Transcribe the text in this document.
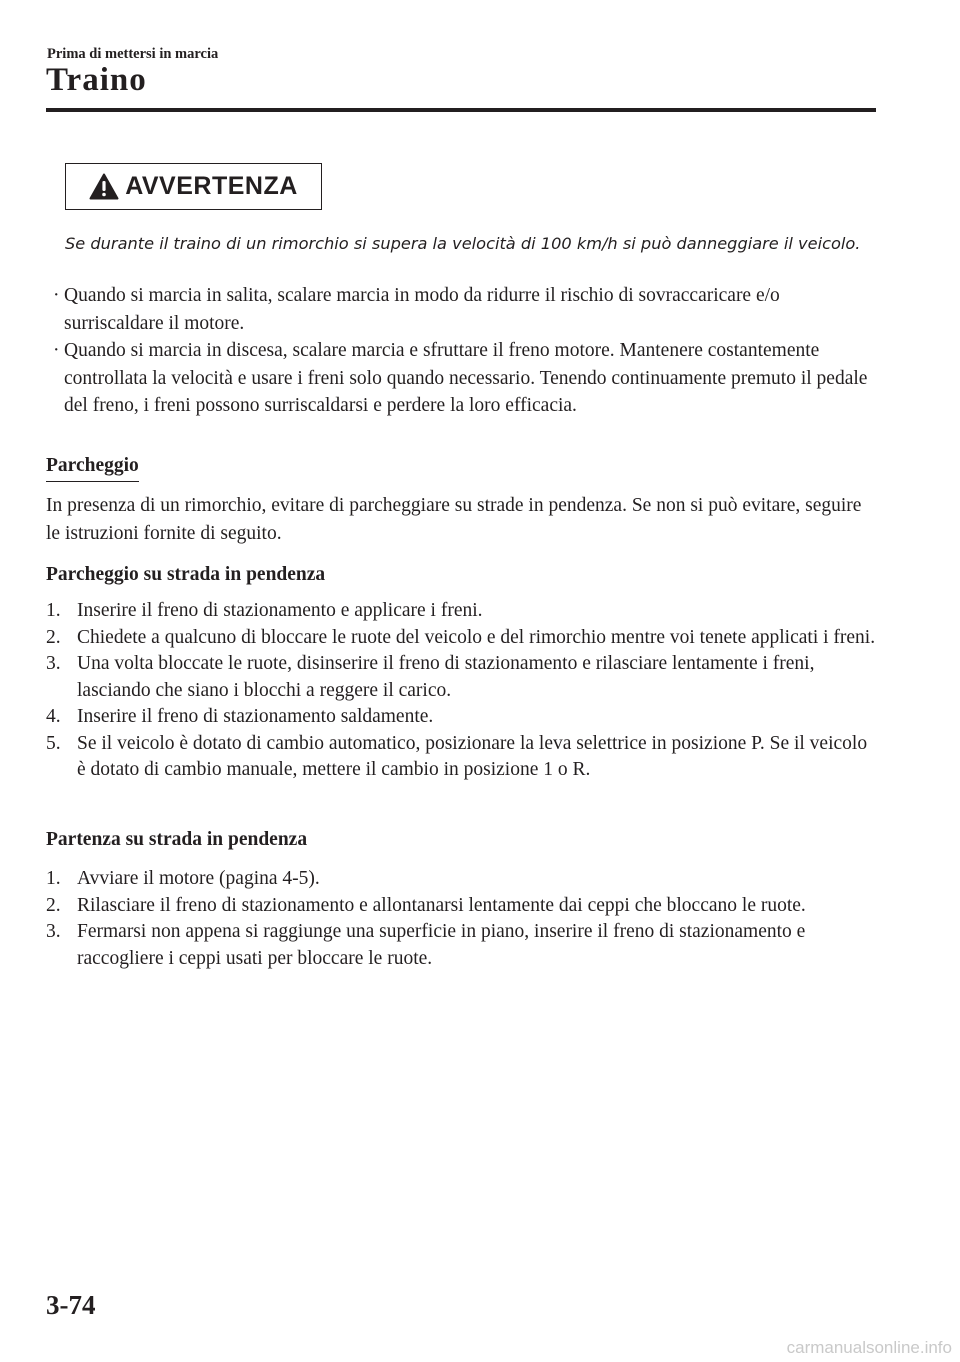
Prima di mettersi in marcia
Traino
AVVERTENZA

Se durante il traino di un rimorchio si supera la velocità di 100 km/h si può danneggiare il veicolo.

· Quando si marcia in salita, scalare marcia in modo da ridurre il rischio di sovraccaricare e/o surriscaldare il motore.
· Quando si marcia in discesa, scalare marcia e sfruttare il freno motore. Mantenere costantemente controllata la velocità e usare i freni solo quando necessario. Tenendo continuamente premuto il pedale del freno, i freni possono surriscaldarsi e perdere la loro efficacia.
Parcheggio

In presenza di un rimorchio, evitare di parcheggiare su strade in pendenza. Se non si può evitare, seguire le istruzioni fornite di seguito.

Parcheggio su strada in pendenza

1. Inserire il freno di stazionamento e applicare i freni.
2. Chiedete a qualcuno di bloccare le ruote del veicolo e del rimorchio mentre voi tenete applicati i freni.
3. Una volta bloccate le ruote, disinserire il freno di stazionamento e rilasciare lentamente i freni, lasciando che siano i blocchi a reggere il carico.
4. Inserire il freno di stazionamento saldamente.
5. Se il veicolo è dotato di cambio automatico, posizionare la leva selettrice in posizione P. Se il veicolo è dotato di cambio manuale, mettere il cambio in posizione 1 o R.

Partenza su strada in pendenza

1. Avviare il motore (pagina 4-5).
2. Rilasciare il freno di stazionamento e allontanarsi lentamente dai ceppi che bloccano le ruote.
3. Fermarsi non appena si raggiunge una superficie in piano, inserire il freno di stazionamento e raccogliere i ceppi usati per bloccare le ruote.
3-74
carmanualsonline.info
